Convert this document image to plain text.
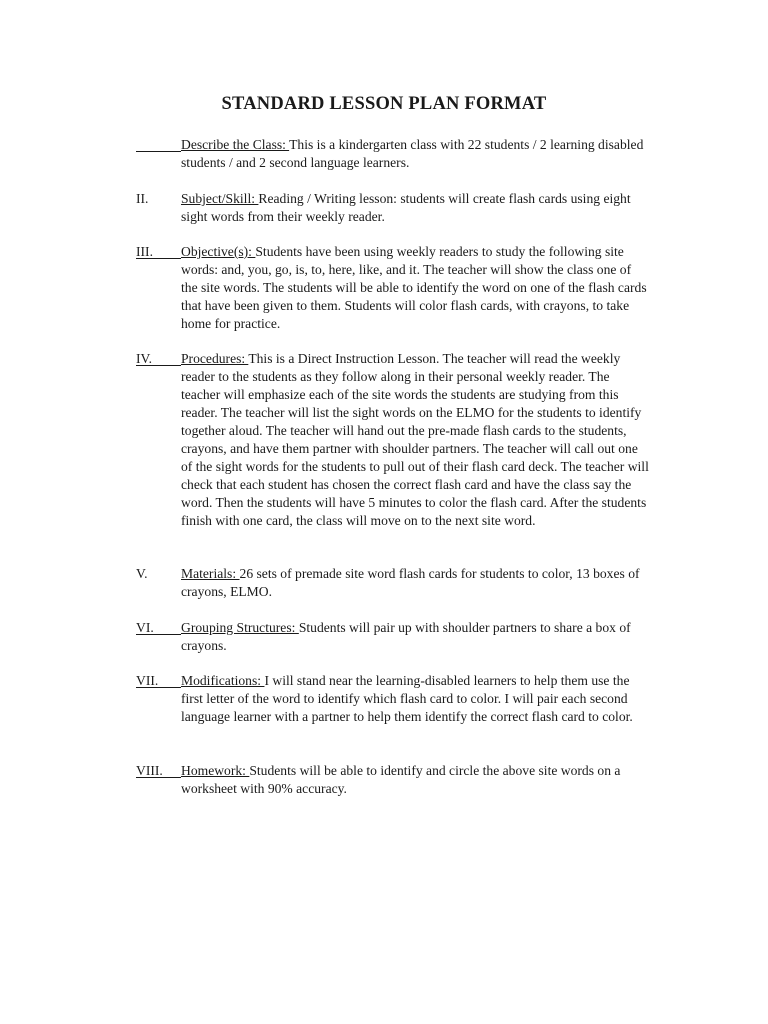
STANDARD LESSON PLAN FORMAT
Describe the Class: This is a kindergarten class with 22 students / 2 learning disabled students / and 2 second language learners.
II.	Subject/Skill: Reading / Writing lesson: students will create flash cards using eight sight words from their weekly reader.
III.	Objective(s): Students have been using weekly readers to study the following site words: and, you, go, is, to, here, like, and it. The teacher will show the class one of the site words. The students will be able to identify the word on one of the flash cards that have been given to them. Students will color flash cards, with crayons, to take home for practice.
IV.	Procedures: This is a Direct Instruction Lesson. The teacher will read the weekly reader to the students as they follow along in their personal weekly reader. The teacher will emphasize each of the site words the students are studying from this reader. The teacher will list the sight words on the ELMO for the students to identify together aloud. The teacher will hand out the pre-made flash cards to the students, crayons, and have them partner with shoulder partners. The teacher will call out one of the sight words for the students to pull out of their flash card deck. The teacher will check that each student has chosen the correct flash card and have the class say the word. Then the students will have 5 minutes to color the flash card. After the students finish with one card, the class will move on to the next site word.
V.	Materials: 26 sets of premade site word flash cards for students to color, 13 boxes of crayons, ELMO.
VI.	Grouping Structures: Students will pair up with shoulder partners to share a box of crayons.
VII.	Modifications: I will stand near the learning-disabled learners to help them use the first letter of the word to identify which flash card to color. I will pair each second language learner with a partner to help them identify the correct flash card to color.
VIII.	Homework: Students will be able to identify and circle the above site words on a worksheet with 90% accuracy.
